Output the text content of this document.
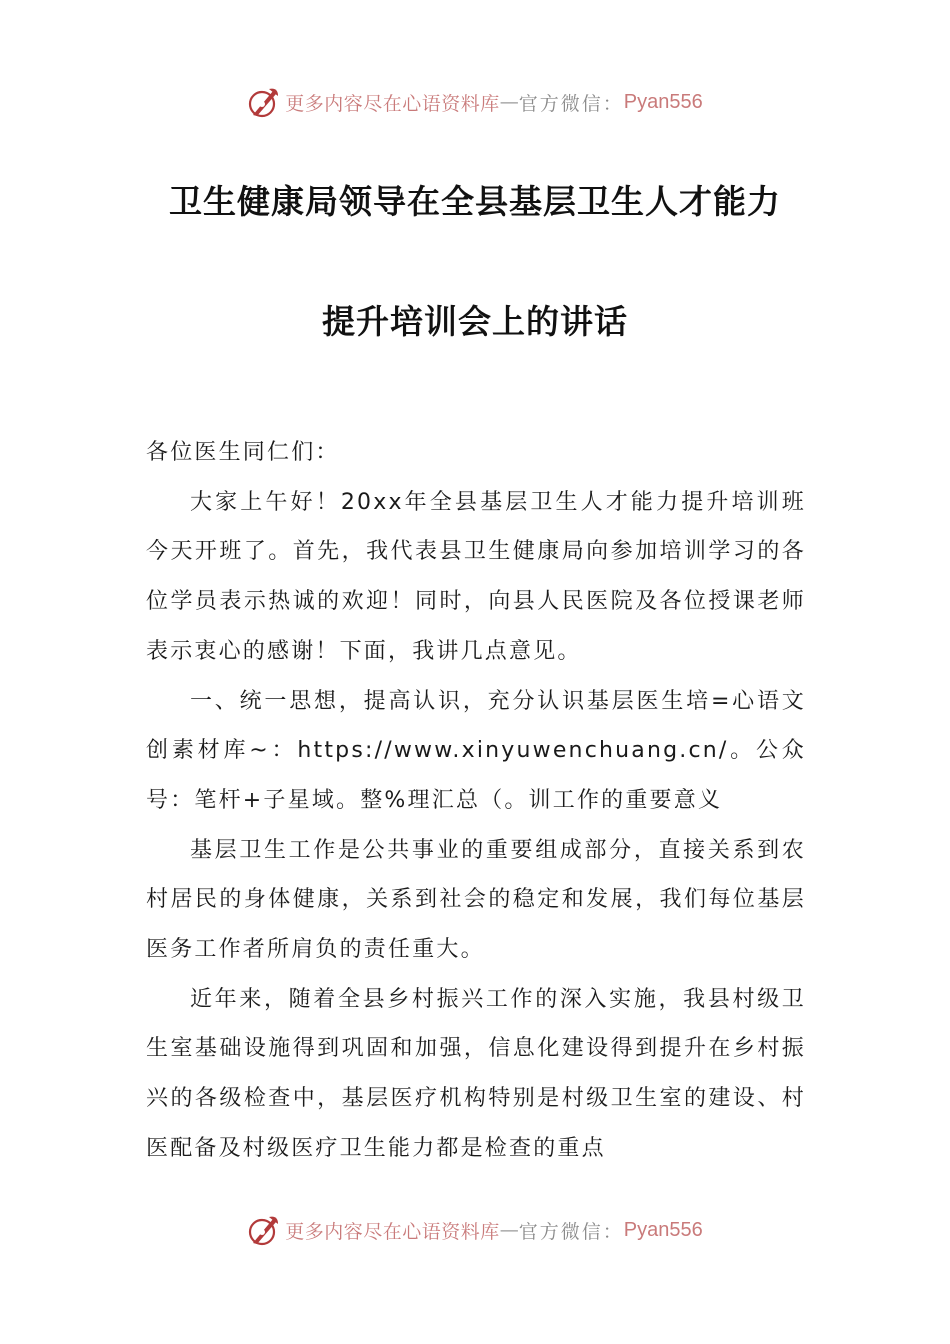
更多内容尽在心语资料库 — 官方微信： Pyan556
卫生健康局领导在全县基层卫生人才能力
提升培训会上的讲话

各位医生同仁们：

大家上午好！20xx年全县基层卫生人才能力提升培训班今天开班了。首先，我代表县卫生健康局向参加培训学习的各位学员表示热诚的欢迎！同时，向县人民医院及各位授课老师表示衷心的感谢！下面，我讲几点意见。

一、统一思想，提高认识，充分认识基层医生培=心语文创素材库~：https://www.xinyuwenchuang.cn/。公众号：笔杆+子星域。整%理汇总（。训工作的重要意义

基层卫生工作是公共事业的重要组成部分，直接关系到农村居民的身体健康，关系到社会的稳定和发展，我们每位基层医务工作者所肩负的责任重大。

近年来，随着全县乡村振兴工作的深入实施，我县村级卫生室基础设施得到巩固和加强，信息化建设得到提升在乡村振兴的各级检查中，基层医疗机构特别是村级卫生室的建设、村医配备及村级医疗卫生能力都是检查的重点

更多内容尽在心语资料库 — 官方微信： Pyan556
